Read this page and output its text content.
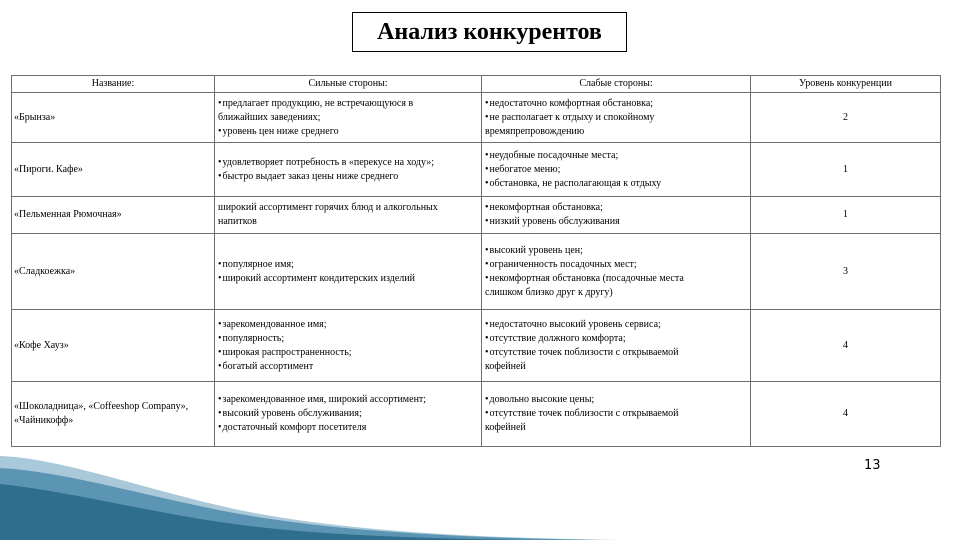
Анализ конкурентов
Название:	Сильные стороны:	Слабые стороны:	Уровень конкуренции
«Брынза»	• предлагает продукцию, не встречающуюся в
ближайших заведениях;
• уровень цен ниже среднего	• недостаточно комфортная обстановка;
• не располагает к отдыху и спокойному
времяпрепровождению	2
«Пироги. Кафе»	• удовлетворяет потребность в «перекусе на ходу»;
• быстро выдает заказ цены ниже среднего	• неудобные посадочные места;
• небогатое меню;
• обстановка, не располагающая к отдыху	1
«Пельменная Рюмочная»	широкий ассортимент горячих блюд и алкогольных
напитков	• некомфортная обстановка;
• низкий уровень обслуживания	1
«Сладкоежка»	• популярное имя;
• широкий ассортимент кондитерских изделий	• высокий уровень цен;
• ограниченность посадочных мест;
• некомфортная обстановка (посадочные места
слишком близко друг к другу)	3
«Кофе Хауз»	• зарекомендованное имя;
• популярность;
• широкая распространенность;
• богатый ассортимент	• недостаточно высокий уровень сервиса;
• отсутствие должного комфорта;
• отсутствие точек поблизости с открываемой
кофейней	4
«Шоколадница», «Coffeeshop Company», «Чайникофф»	• зарекомендованное имя, широкий ассортимент;
• высокий уровень обслуживания;
• достаточный комфорт посетителя	• довольно высокие цены;
• отсутствие точек поблизости с открываемой
кофейней	4
13
